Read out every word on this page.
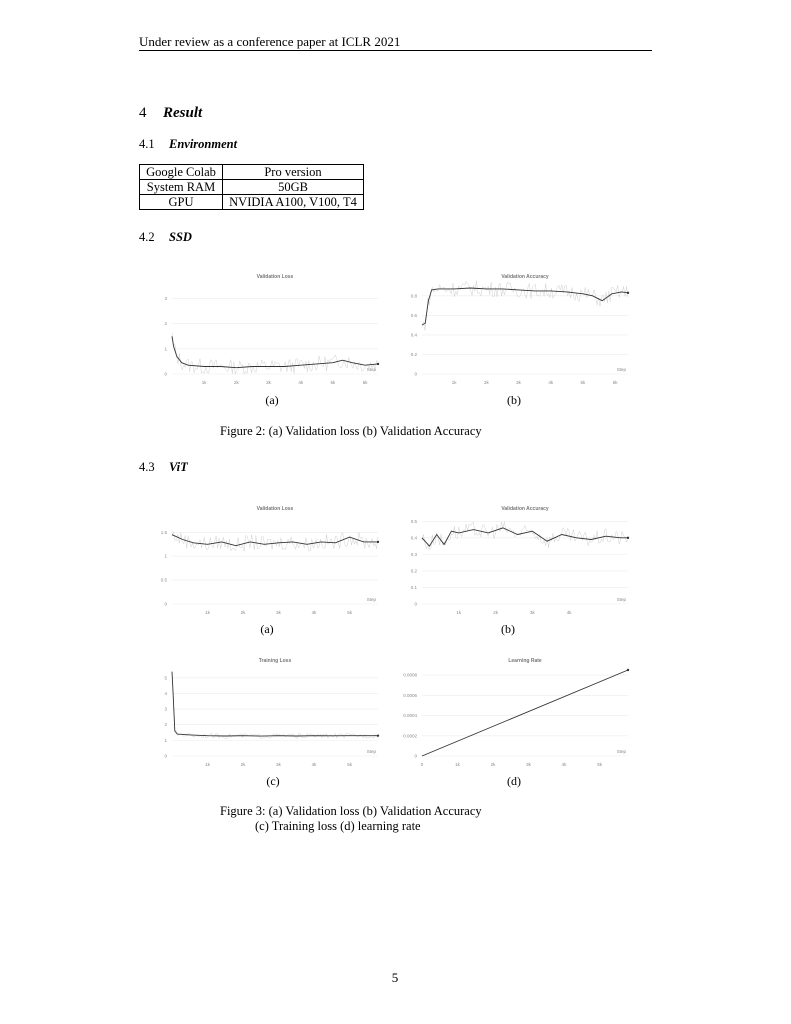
Under review as a conference paper at ICLR 2021
4 Result
4.1 Environment
Google Colab	Pro version
System RAM	50GB
GPU	NVIDIA A100, V100, T4
4.2 SSD
Validation Loss
0
1
2
3
1k	2k	3k	4k	5k	6k
Step
Validation Accuracy
0
0.2
0.4
0.6
0.8
1k	2k	3k	4k	5k	6k
Step
(a)	(b)
Figure 2: (a) Validation loss (b) Validation Accuracy
4.3 ViT
Validation Loss
0
0.5
1
1.5
1k	2k	3k	4k	5k
Step
Validation Accuracy
0
0.1
0.2
0.3
0.4
0.5
1k	2k	3k	4k
Step
(a)	(b)
Training Loss
0
1
2
3
4
5
1k	2k	3k	4k	5k
Step
Learning Rate
0
0.0002
0.0004
0.0006
0.0008
0	1k	2k	3k	4k	5k
Step
(c)	(d)
Figure 3: (a) Validation loss (b) Validation Accuracy
(c) Training loss (d) learning rate
5
